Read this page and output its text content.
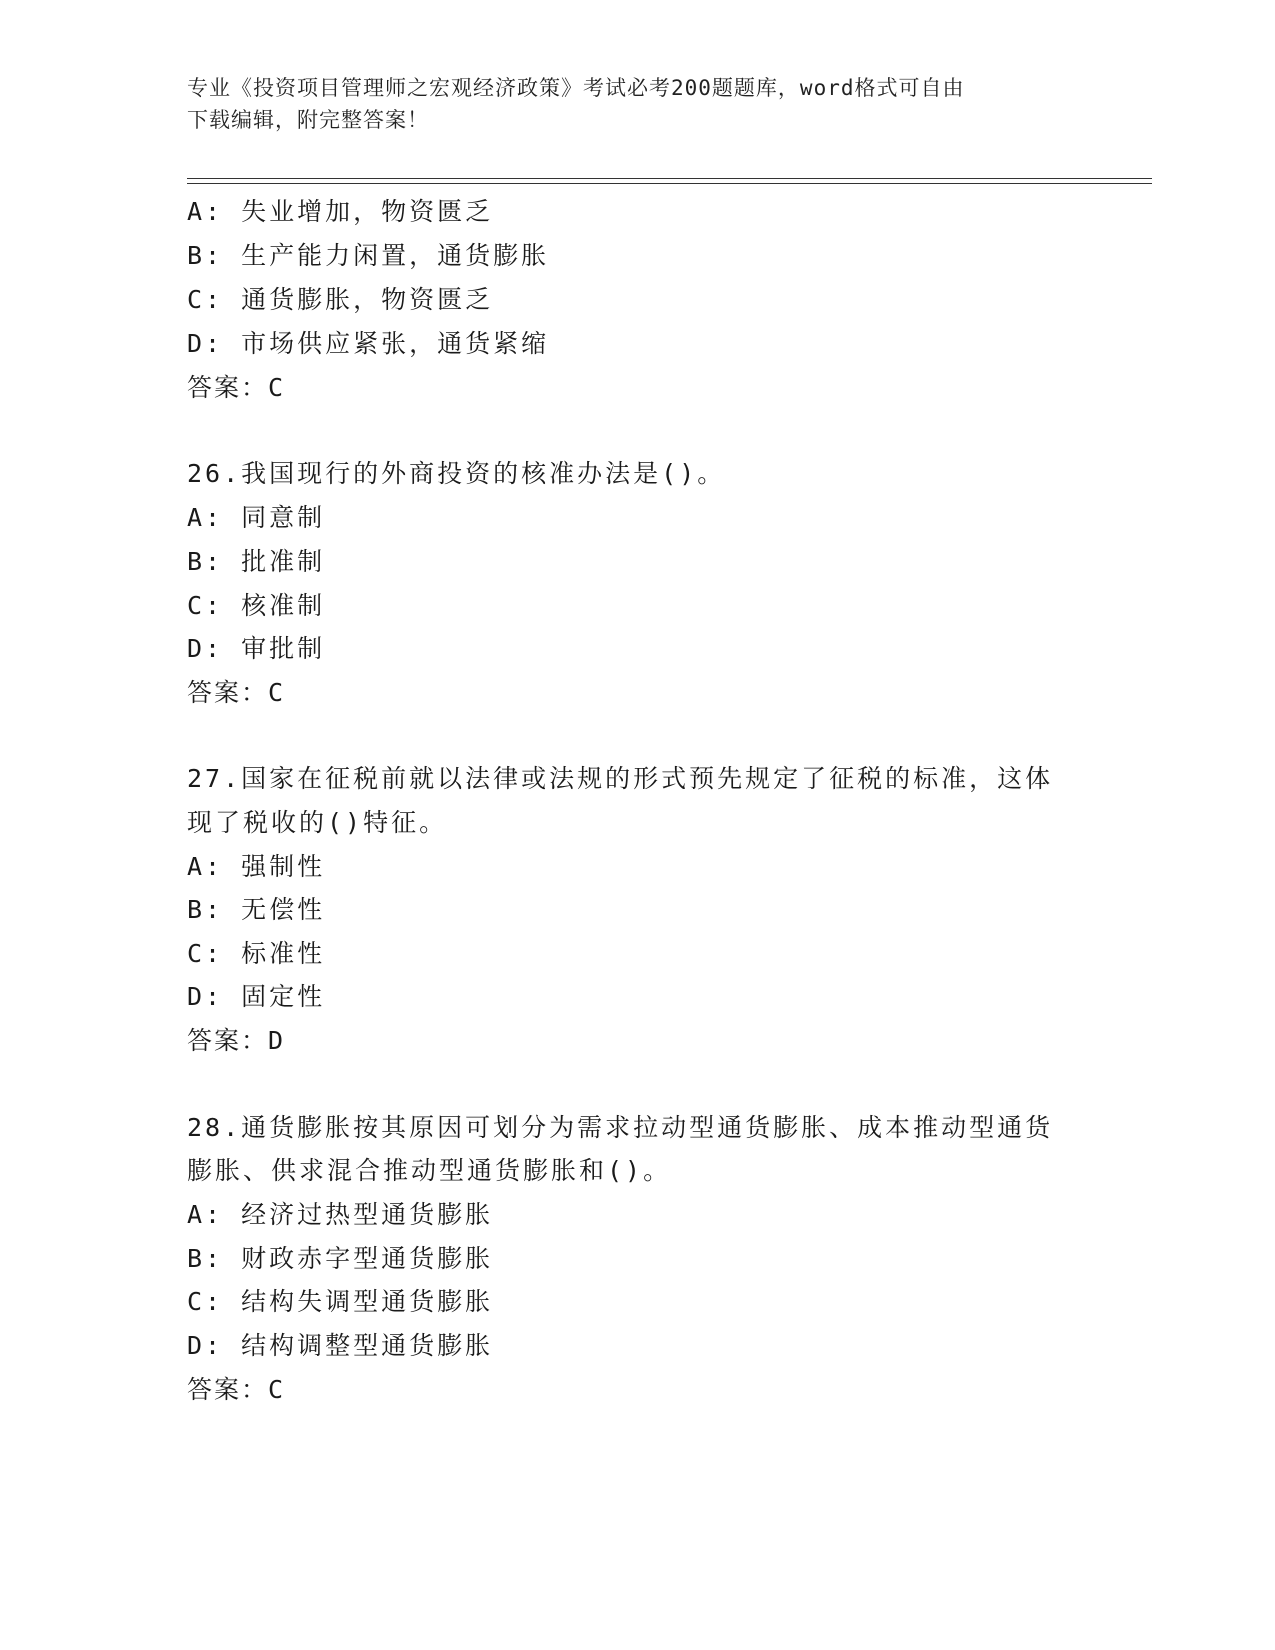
专业《投资项目管理师之宏观经济政策》考试必考200题题库，word格式可自由
下载编辑，附完整答案！
A: 失业增加，物资匮乏
B: 生产能力闲置，通货膨胀
C: 通货膨胀，物资匮乏
D: 市场供应紧张，通货紧缩
答案：C
26.我国现行的外商投资的核准办法是()。
A: 同意制
B: 批准制
C: 核准制
D: 审批制
答案：C
27.国家在征税前就以法律或法规的形式预先规定了征税的标准，这体
现了税收的()特征。
A: 强制性
B: 无偿性
C: 标准性
D: 固定性
答案：D
28.通货膨胀按其原因可划分为需求拉动型通货膨胀、成本推动型通货
膨胀、供求混合推动型通货膨胀和()。
A: 经济过热型通货膨胀
B: 财政赤字型通货膨胀
C: 结构失调型通货膨胀
D: 结构调整型通货膨胀
答案：C
